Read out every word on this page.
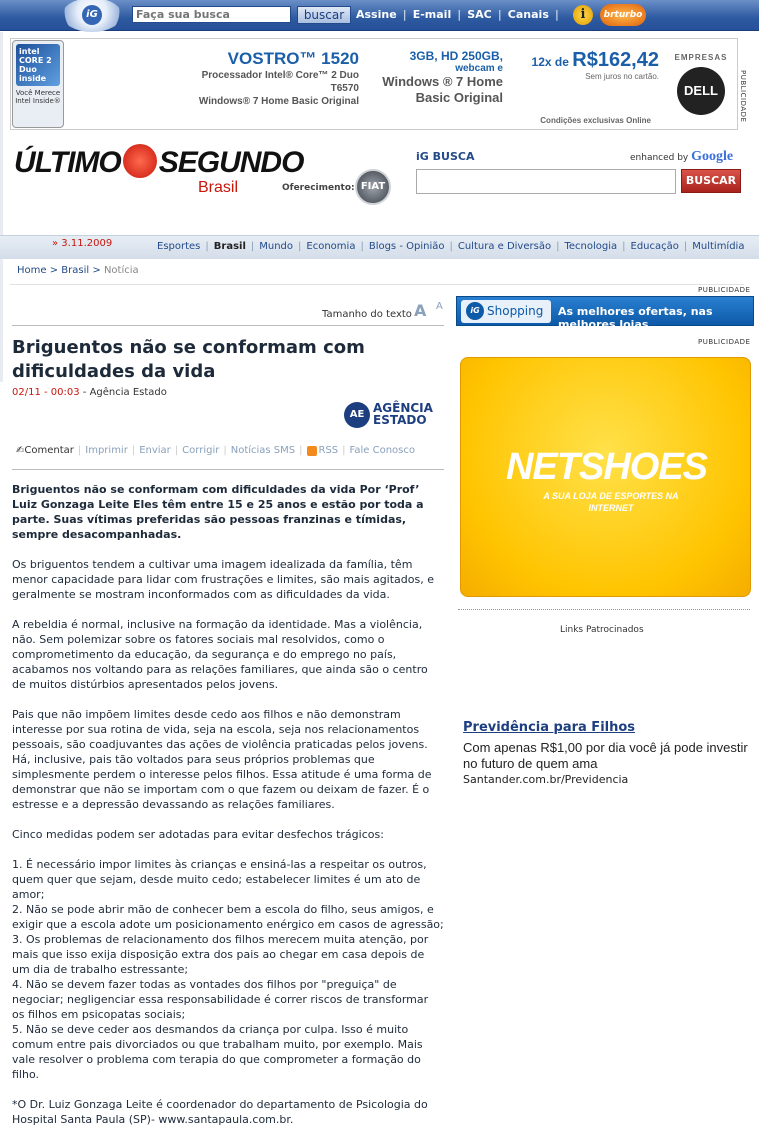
iG
Faça sua busca	buscar	Assine | E-mail | SAC | Canais |	i	brturbo
intel CORE 2 Duo inside
Você Merece Intel Inside®
VOSTRO™ 1520
Processador Intel® Core™ 2 Duo T6570
Windows® 7 Home Basic Original
3GB, HD 250GB,
webcam e
Windows ® 7 Home
Basic Original
12x de R$162,42
Sem juros no cartão.
Condições exclusivas Online
EMPRESAS
DELL	PUBLICIDADE
ÚLTIMO SEGUNDO
Brasil	Oferecimento: FIAT
iG BUSCA	enhanced by Google
BUSCAR
» 3.11.2009	Esportes | Brasil | Mundo | Economia | Blogs - Opinião | Cultura e Diversão | Tecnologia | Educação | Multimídia
Home > Brasil > Notícia
Tamanho do texto A A
Briguentos não se conformam com dificuldades da vida
02/11 - 00:03 - Agência Estado
AE AGÊNCIA
ESTADO
✍ Comentar | Imprimir | Enviar | Corrigir | Notícias SMS | RSS | Fale Conosco
Briguentos não se conformam com dificuldades da vida Por ‘Prof’ Luiz Gonzaga Leite Eles têm entre 15 e 25 anos e estão por toda a parte. Suas vítimas preferidas são pessoas franzinas e tímidas, sempre desacompanhadas.

Os briguentos tendem a cultivar uma imagem idealizada da família, têm menor capacidade para lidar com frustrações e limites, são mais agitados, e geralmente se mostram inconformados com as dificuldades da vida.

A rebeldia é normal, inclusive na formação da identidade. Mas a violência, não. Sem polemizar sobre os fatores sociais mal resolvidos, como o comprometimento da educação, da segurança e do emprego no país, acabamos nos voltando para as relações familiares, que ainda são o centro de muitos distúrbios apresentados pelos jovens.

Pais que não impõem limites desde cedo aos filhos e não demonstram interesse por sua rotina de vida, seja na escola, seja nos relacionamentos pessoais, são coadjuvantes das ações de violência praticadas pelos jovens. Há, inclusive, pais tão voltados para seus próprios problemas que simplesmente perdem o interesse pelos filhos. Essa atitude é uma forma de demonstrar que não se importam com o que fazem ou deixam de fazer. É o estresse e a depressão devassando as relações familiares.

Cinco medidas podem ser adotadas para evitar desfechos trágicos:

1. É necessário impor limites às crianças e ensiná-las a respeitar os outros, quem quer que sejam, desde muito cedo; estabelecer limites é um ato de amor;

2. Não se pode abrir mão de conhecer bem a escola do filho, seus amigos, e exigir que a escola adote um posicionamento enérgico em casos de agressão;

3. Os problemas de relacionamento dos filhos merecem muita atenção, por mais que isso exija disposição extra dos pais ao chegar em casa depois de um dia de trabalho estressante;

4. Não se devem fazer todas as vontades dos filhos por "preguiça" de negociar; negligenciar essa responsabilidade é correr riscos de transformar os filhos em psicopatas sociais;

5. Não se deve ceder aos desmandos da criança por culpa. Isso é muito comum entre pais divorciados ou que trabalham muito, por exemplo. Mais vale resolver o problema com terapia do que comprometer a formação do filho.

*O Dr. Luiz Gonzaga Leite é coordenador do departamento de Psicologia do Hospital Santa Paula (SP)- www.santapaula.com.br.

PUBLICIDADE
iG Shopping	As melhores ofertas, nas melhores lojas.
PUBLICIDADE
NETSHOES
A SUA LOJA DE ESPORTES NA INTERNET
Links Patrocinados
Previdência para Filhos
Com apenas R$1,00 por dia você já pode investir no futuro de quem ama
Santander.com.br/Previdencia
